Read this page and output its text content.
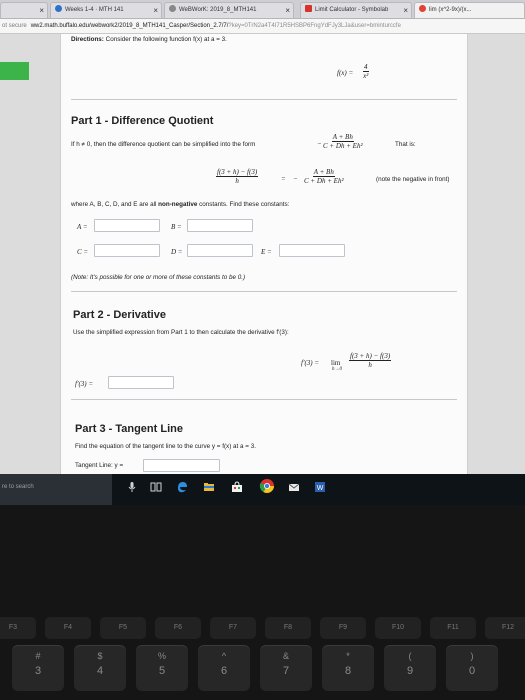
×	Weeks 1-4 · MTH 141	×	WeBWorK: 2019_8_MTH141	×	Limit Calculator - Symbolab ×	lim (x^2-9x)/(x...
ot secure ww2.math.buffalo.edu/webwork2/2019_8_MTH141_Casper/Section_2.7/7/?key=0TrN2a4T4I71R5HSBP6FngYdFJy3LJa&user=bminturccfe
Directions: Consider the following function f(x) at a = 3.
$f(x) = \frac{4}{\text{x²}}$
Part 1 - Difference Quotient
If h ≠ 0, then the difference quotient can be simplified into the form	− $\frac{A + Bh}{\text{C + Dh + Eh²}}$	That is:
$\frac{f(3 + h) - f(3)}{h}$	= − $\frac{A + Bh}{\text{C + Dh + Eh²}}$	(note the negative in front)
where A, B, C, D, and E are all non-negative constants. Find these constants:
A =	B =
C =	D =	E =
(Note: It's possible for one or more of these constants to be 0.)
Part 2 - Derivative
Use the simplified expression from Part 1 to then calculate the derivative f′(3):
f′(3) = lim
h→0
$\frac{f(3 + h) - f(3)}{h}$
f′(3) =
Part 3 - Tangent Line
Find the equation of the tangent line to the curve y = f(x) at a = 3.
Tangent Line: y =
re to search	W
F3	F4	F5	F6	F7	F8	F9	F10	F11	F12
#
3
$
4
%
5
^
6
&
7
*
8
(
9
)
0
